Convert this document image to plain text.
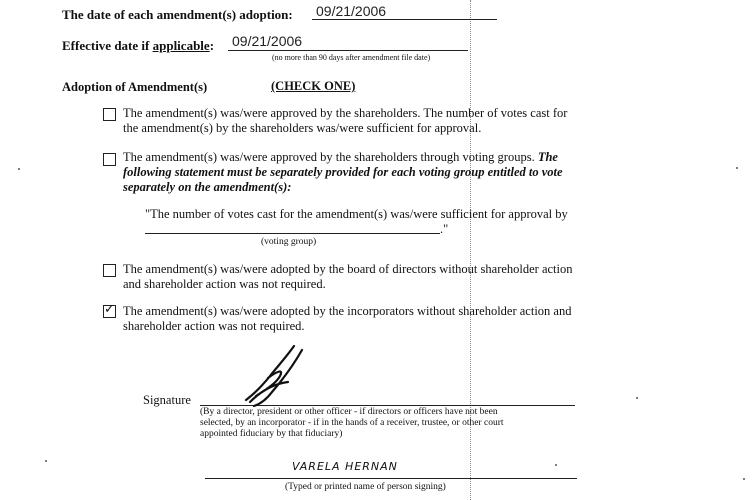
The date of each amendment(s) adoption: 09/21/2006
Effective date if applicable: 09/21/2006
(no more than 90 days after amendment file date)
Adoption of Amendment(s)	(CHECK ONE)
The amendment(s) was/were approved by the shareholders. The number of votes cast for
the amendment(s) by the shareholders was/were sufficient for approval.
The amendment(s) was/were approved by the shareholders through voting groups. The
following statement must be separately provided for each voting group entitled to vote
separately on the amendment(s):
"The number of votes cast for the amendment(s) was/were sufficient for approval by
."
(voting group)
The amendment(s) was/were adopted by the board of directors without shareholder action
and shareholder action was not required.
✓ The amendment(s) was/were adopted by the incorporators without shareholder action and
shareholder action was not required.
Signature
(By a director, president or other officer - if directors or officers have not been
selected, by an incorporator - if in the hands of a receiver, trustee, or other court
appointed fiduciary by that fiduciary)
VARELA HERNAN
(Typed or printed name of person signing)
